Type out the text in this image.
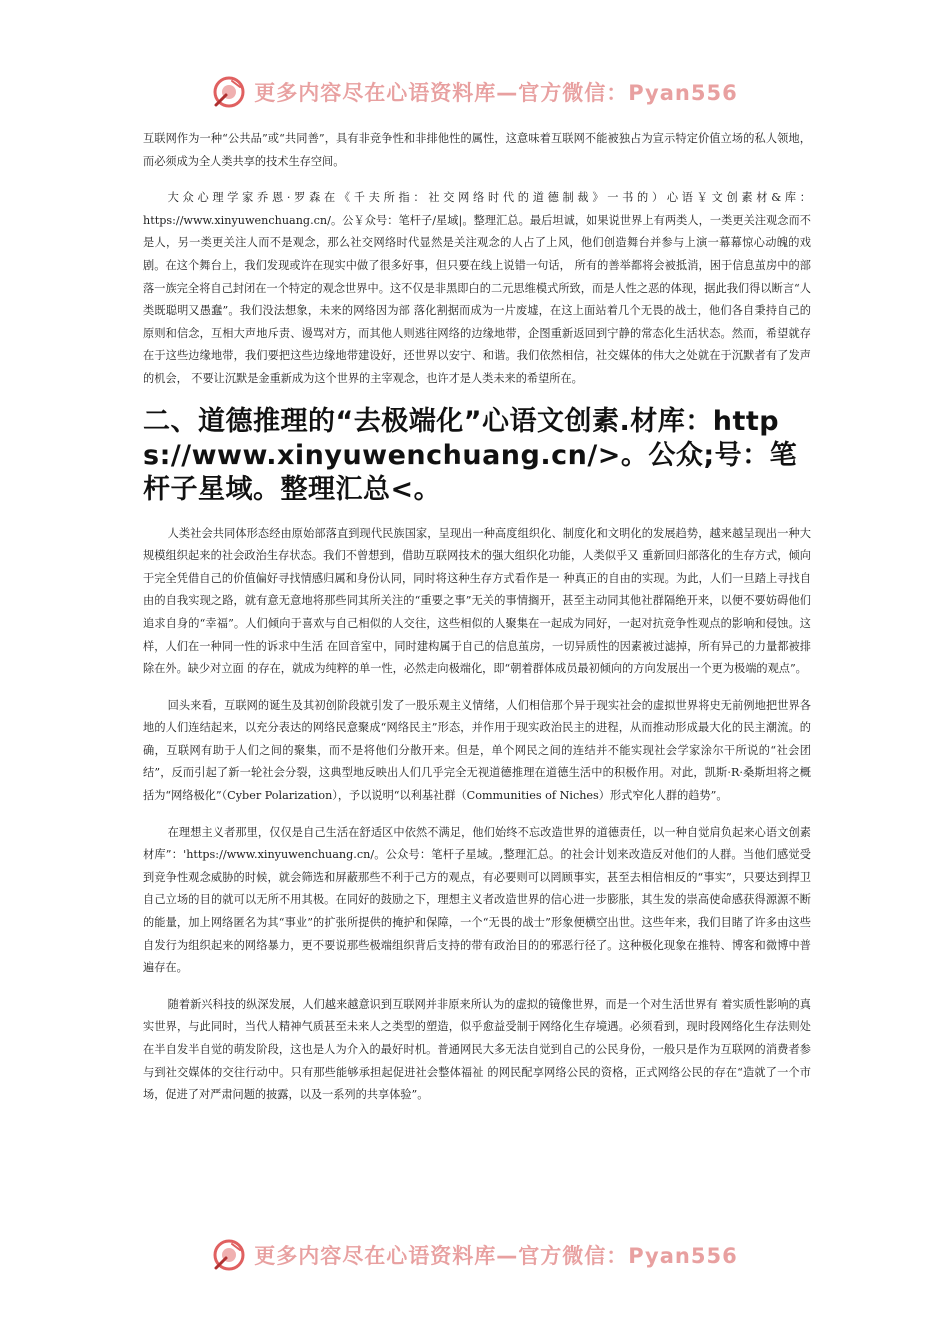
更多内容尽在心语资料库—官方微信：Pyan556

互联网作为一种“公共品”或“共同善”，具有非竞争性和非排他性的属性，这意味着互联网不能被独占为宣示特定价值立场的私人领地，而必须成为全人类共享的技术生存空间。

大众心理学家乔恩·罗森在《千夫所指：社交网络时代的道德制裁》一书的）心语￥文创素材&库：https://www.xinyuwenchuang.cn/。公￥众号：笔杆子/星域|。整理汇总。最后坦诚，如果说世界上有两类人，一类更关注观念而不是人，另一类更关注人而不是观念，那么社交网络时代显然是关注观念的人占了上风，他们创造舞台并参与上演一幕幕惊心动魄的戏剧。在这个舞台上，我们发现或许在现实中做了很多好事，但只要在线上说错一句话， 所有的善举都将会被抵消，困于信息茧房中的部落一族完全将自己封闭在一个特定的观念世界中。这不仅是非黑即白的二元思维模式所致，而是人性之恶的体现，据此我们得以断言“人类既聪明又愚蠢”。我们没法想象，未来的网络因为部 落化割据而成为一片废墟，在这上面站着几个无畏的战士，他们各自秉持自己的原则和信念，互相大声地斥责、谩骂对方，而其他人则逃往网络的边缘地带，企图重新返回到宁静的常态化生活状态。然而，希望就存在于这些边缘地带，我们要把这些边缘地带建设好，还世界以安宁、和谐。我们依然相信，社交媒体的伟大之处就在于沉默者有了发声的机会， 不要让沉默是金重新成为这个世界的主宰观念，也许才是人类未来的希望所在。

二、道德推理的“去极端化”心语文创素.材库：https://www.xinyuwenchuang.cn/>。公众;号：笔杆子星域。整理汇总<。

人类社会共同体形态经由原始部落直到现代民族国家，呈现出一种高度组织化、制度化和文明化的发展趋势，越来越呈现出一种大规模组织起来的社会政治生存状态。我们不曾想到，借助互联网技术的强大组织化功能，人类似乎又 重新回归部落化的生存方式，倾向于完全凭借自己的价值偏好寻找情感归属和身份认同，同时将这种生存方式看作是一 种真正的自由的实现。为此，人们一旦踏上寻找自由的自我实现之路，就有意无意地将那些同其所关注的“重要之事”无关的事情搁开，甚至主动同其他社群隔绝开来，以便不要妨碍他们追求自身的“幸福”。人们倾向于喜欢与自己相似的人交往，这些相似的人聚集在一起成为同好，一起对抗竞争性观点的影响和侵蚀。这样，人们在一种同一性的诉求中生活 在回音室中，同时建构属于自己的信息茧房，一切异质性的因素被过滤掉，所有异己的力量都被排除在外。缺少对立面 的存在，就成为纯粹的单一性，必然走向极端化，即“朝着群体成员最初倾向的方向发展出一个更为极端的观点”。

回头来看，互联网的诞生及其初创阶段就引发了一股乐观主义情绪，人们相信那个异于现实社会的虚拟世界将史无前例地把世界各地的人们连结起来，以充分表达的网络民意聚成“网络民主”形态，并作用于现实政治民主的进程，从而推动形成最大化的民主潮流。的确，互联网有助于人们之间的聚集，而不是将他们分散开来。但是，单个网民之间的连结并不能实现社会学家涂尔干所说的“社会团结”，反而引起了新一轮社会分裂，这典型地反映出人们几乎完全无视道德推理在道德生活中的积极作用。对此，凯斯·R·桑斯坦将之概括为“网络极化”（Cyber Polarization），予以说明“以利基社群（Communities of Niches）形式窄化人群的趋势”。

在理想主义者那里，仅仅是自己生活在舒适区中依然不满足，他们始终不忘改造世界的道德责任，以一种自觉肩负起来心语文创素材库”：'https://www.xinyuwenchuang.cn/。公众号：笔杆子星域。,整理汇总。的社会计划来改造反对他们的人群。当他们感觉受到竞争性观念威胁的时候，就会筛选和屏蔽那些不利于己方的观点，有必要则可以罔顾事实，甚至去相信相反的“事实”，只要达到捍卫自己立场的目的就可以无所不用其极。在同好的鼓励之下，理想主义者改造世界的信心进一步膨胀，其生发的崇高使命感获得源源不断的能量，加上网络匿名为其“事业”的扩张所提供的掩护和保障，一个“无畏的战士”形象便横空出世。这些年来，我们目睹了许多由这些自发行为组织起来的网络暴力，更不要说那些极端组织背后支持的带有政治目的的邪恶行径了。这种极化现象在推特、博客和微博中普遍存在。

随着新兴科技的纵深发展，人们越来越意识到互联网并非原来所认为的虚拟的镜像世界，而是一个对生活世界有 着实质性影响的真实世界，与此同时，当代人精神气质甚至未来人之类型的塑造，似乎愈益受制于网络化生存境遇。必须看到，现时段网络化生存法则处在半自发半自觉的萌发阶段，这也是人为介入的最好时机。普通网民大多无法自觉到自己的公民身份，一般只是作为互联网的消费者参与到社交媒体的交往行动中。只有那些能够承担起促进社会整体福祉 的网民配享网络公民的资格，正式网络公民的存在“造就了一个市场，促进了对严肃问题的披露，以及一系列的共享体验”。

更多内容尽在心语资料库—官方微信：Pyan556
